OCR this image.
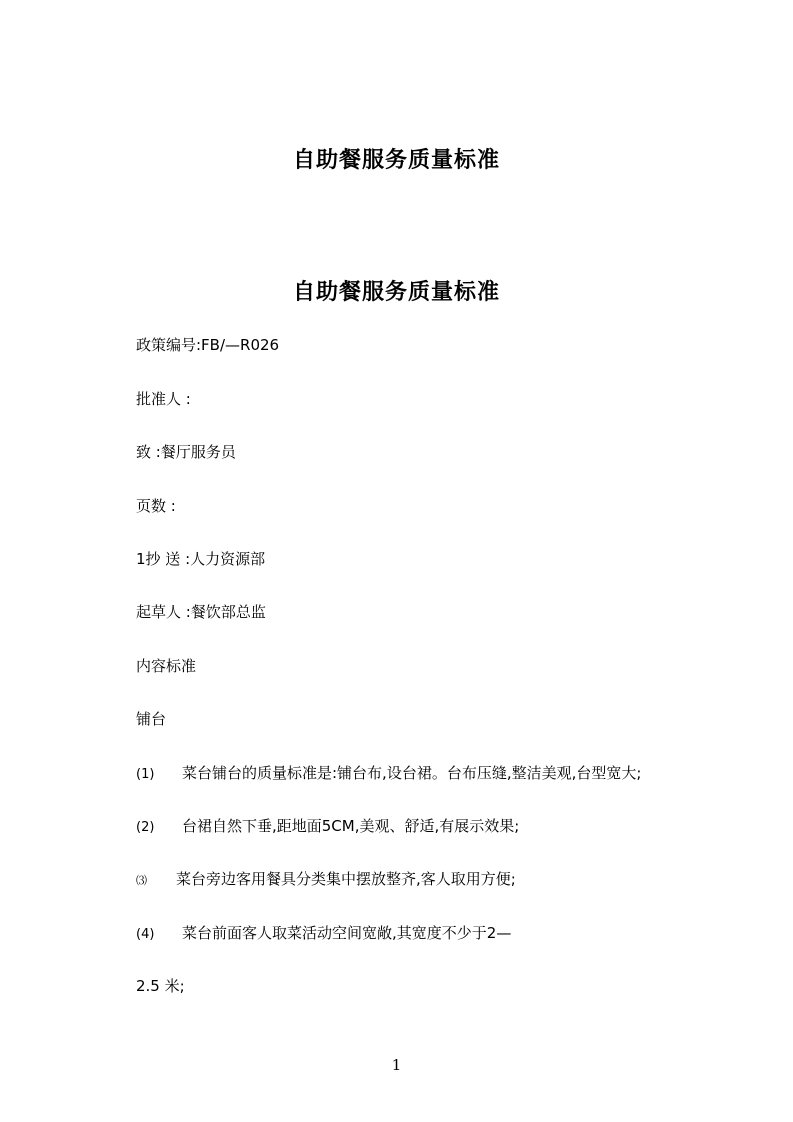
自助餐服务质量标准
自助餐服务质量标准
政策编号:FB/—R026
批准人 :
致 :餐厅服务员
页数 :
1抄 送 :人力资源部
起草人 :餐饮部总监
内容标准
铺台
(1) 菜台铺台的质量标准是:铺台布,设台裙。台布压缝,整洁美观,台型宽大;
(2) 台裙自然下垂,距地面5CM,美观、舒适,有展示效果;
⑶ 菜台旁边客用餐具分类集中摆放整齐,客人取用方便;
(4) 菜台前面客人取菜活动空间宽敞,其宽度不少于2—
2.5 米;
1
